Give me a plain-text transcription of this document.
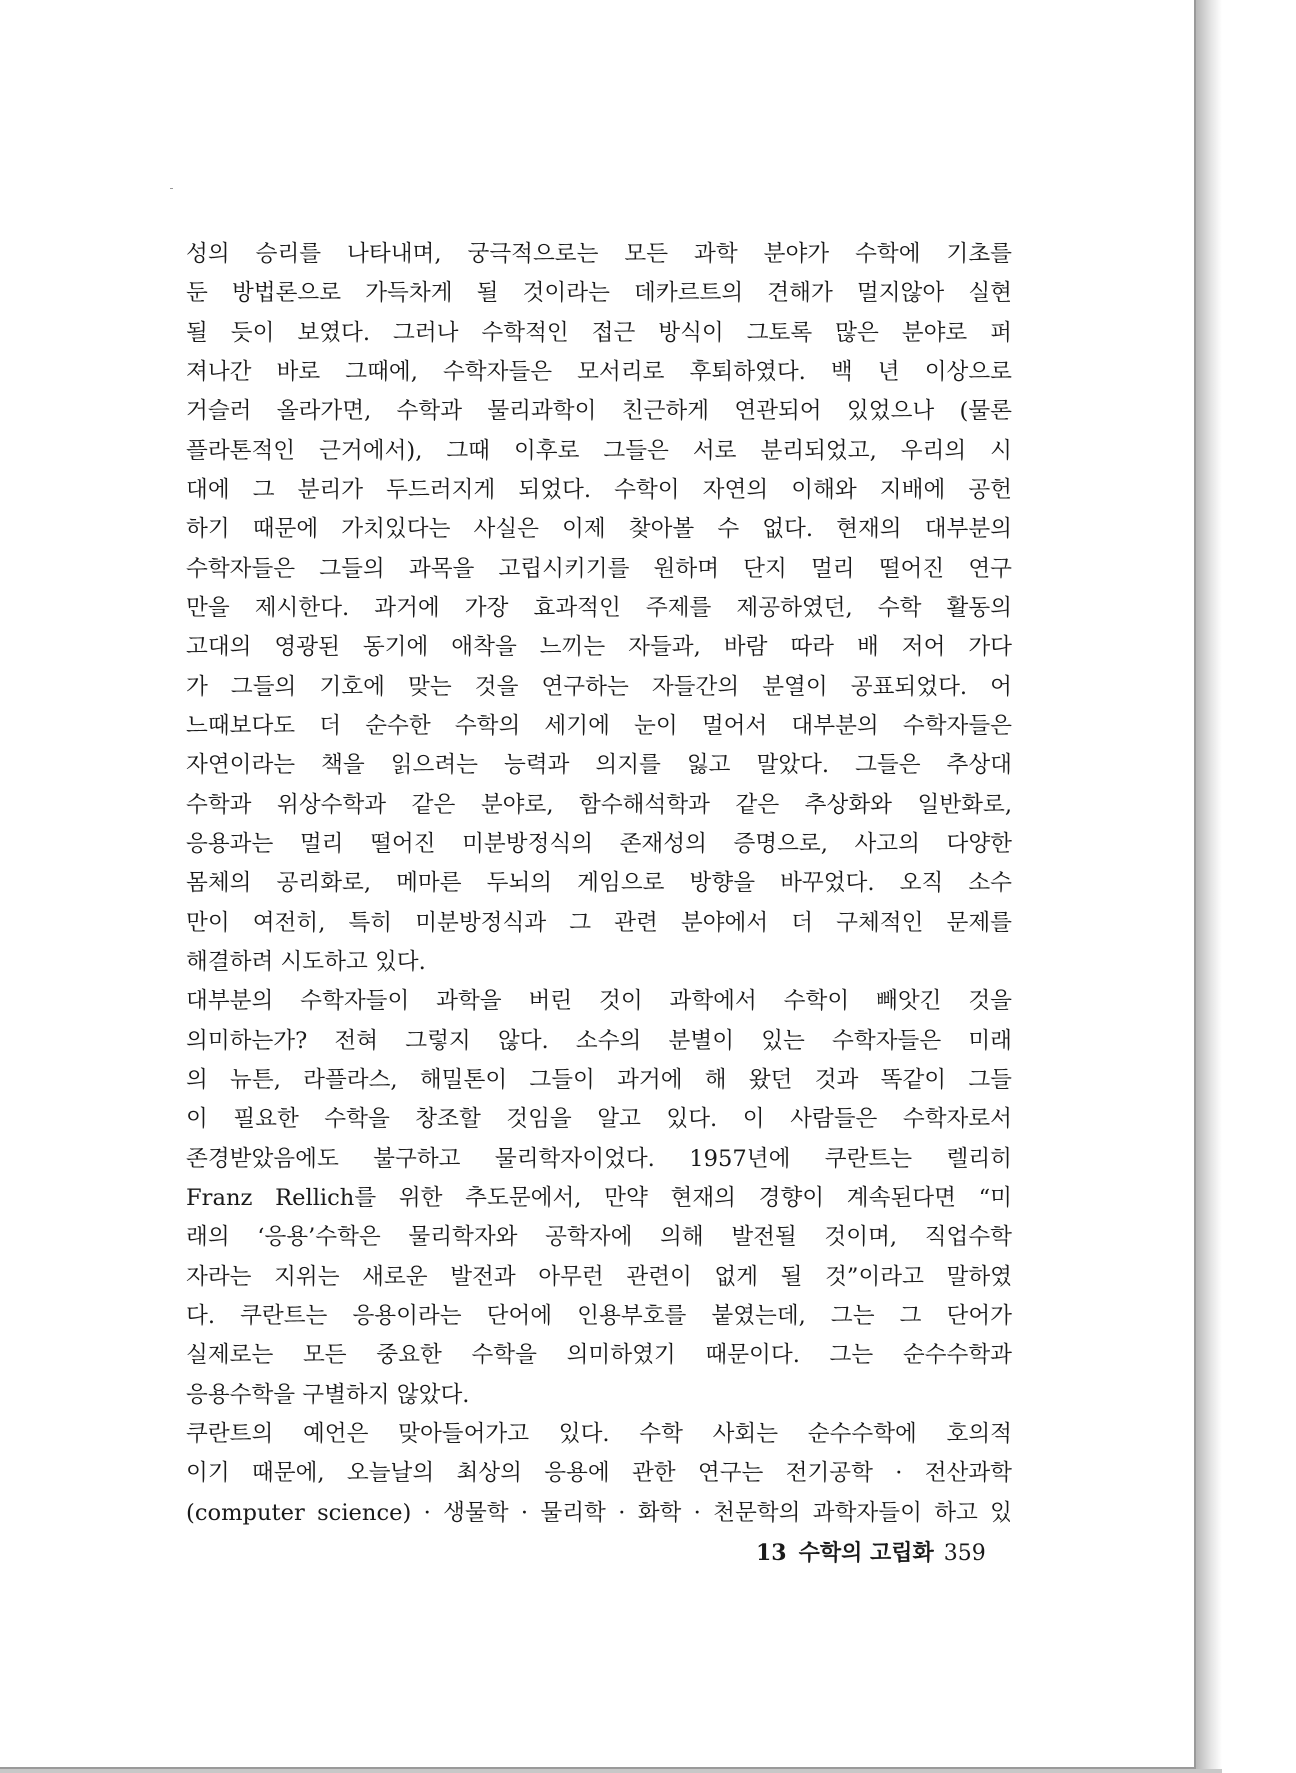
성의 승리를 나타내며, 궁극적으로는 모든 과학 분야가 수학에 기초를
둔 방법론으로 가득차게 될 것이라는 데카르트의 견해가 멀지않아 실현
될 듯이 보였다. 그러나 수학적인 접근 방식이 그토록 많은 분야로 퍼
져나간 바로 그때에, 수학자들은 모서리로 후퇴하였다. 백 년 이상으로
거슬러 올라가면, 수학과 물리과학이 친근하게 연관되어 있었으나 (물론
플라톤적인 근거에서), 그때 이후로 그들은 서로 분리되었고, 우리의 시
대에 그 분리가 두드러지게 되었다. 수학이 자연의 이해와 지배에 공헌
하기 때문에 가치있다는 사실은 이제 찾아볼 수 없다. 현재의 대부분의
수학자들은 그들의 과목을 고립시키기를 원하며 단지 멀리 떨어진 연구
만을 제시한다. 과거에 가장 효과적인 주제를 제공하였던, 수학 활동의
고대의 영광된 동기에 애착을 느끼는 자들과, 바람 따라 배 저어 가다
가 그들의 기호에 맞는 것을 연구하는 자들간의 분열이 공표되었다. 어
느때보다도 더 순수한 수학의 세기에 눈이 멀어서 대부분의 수학자들은
자연이라는 책을 읽으려는 능력과 의지를 잃고 말았다. 그들은 추상대
수학과 위상수학과 같은 분야로, 함수해석학과 같은 추상화와 일반화로,
응용과는 멀리 떨어진 미분방정식의 존재성의 증명으로, 사고의 다양한
몸체의 공리화로, 메마른 두뇌의 게임으로 방향을 바꾸었다. 오직 소수
만이 여전히, 특히 미분방정식과 그 관련 분야에서 더 구체적인 문제를
해결하려 시도하고 있다.
대부분의 수학자들이 과학을 버린 것이 과학에서 수학이 빼앗긴 것을
의미하는가? 전혀 그렇지 않다. 소수의 분별이 있는 수학자들은 미래
의 뉴튼, 라플라스, 해밀톤이 그들이 과거에 해 왔던 것과 똑같이 그들
이 필요한 수학을 창조할 것임을 알고 있다. 이 사람들은 수학자로서
존경받았음에도 불구하고 물리학자이었다. 1957년에 쿠란트는 렐리히
Franz Rellich를 위한 추도문에서, 만약 현재의 경향이 계속된다면 “미
래의 ‘응용’수학은 물리학자와 공학자에 의해 발전될 것이며, 직업수학
자라는 지위는 새로운 발전과 아무런 관련이 없게 될 것”이라고 말하였
다. 쿠란트는 응용이라는 단어에 인용부호를 붙였는데, 그는 그 단어가
실제로는 모든 중요한 수학을 의미하였기 때문이다. 그는 순수수학과
응용수학을 구별하지 않았다.
쿠란트의 예언은 맞아들어가고 있다. 수학 사회는 순수수학에 호의적
이기 때문에, 오늘날의 최상의 응용에 관한 연구는 전기공학 · 전산과학
(computer science) · 생물학 · 물리학 · 화학 · 천문학의 과학자들이 하고 있
13 수학의 고립화 359
